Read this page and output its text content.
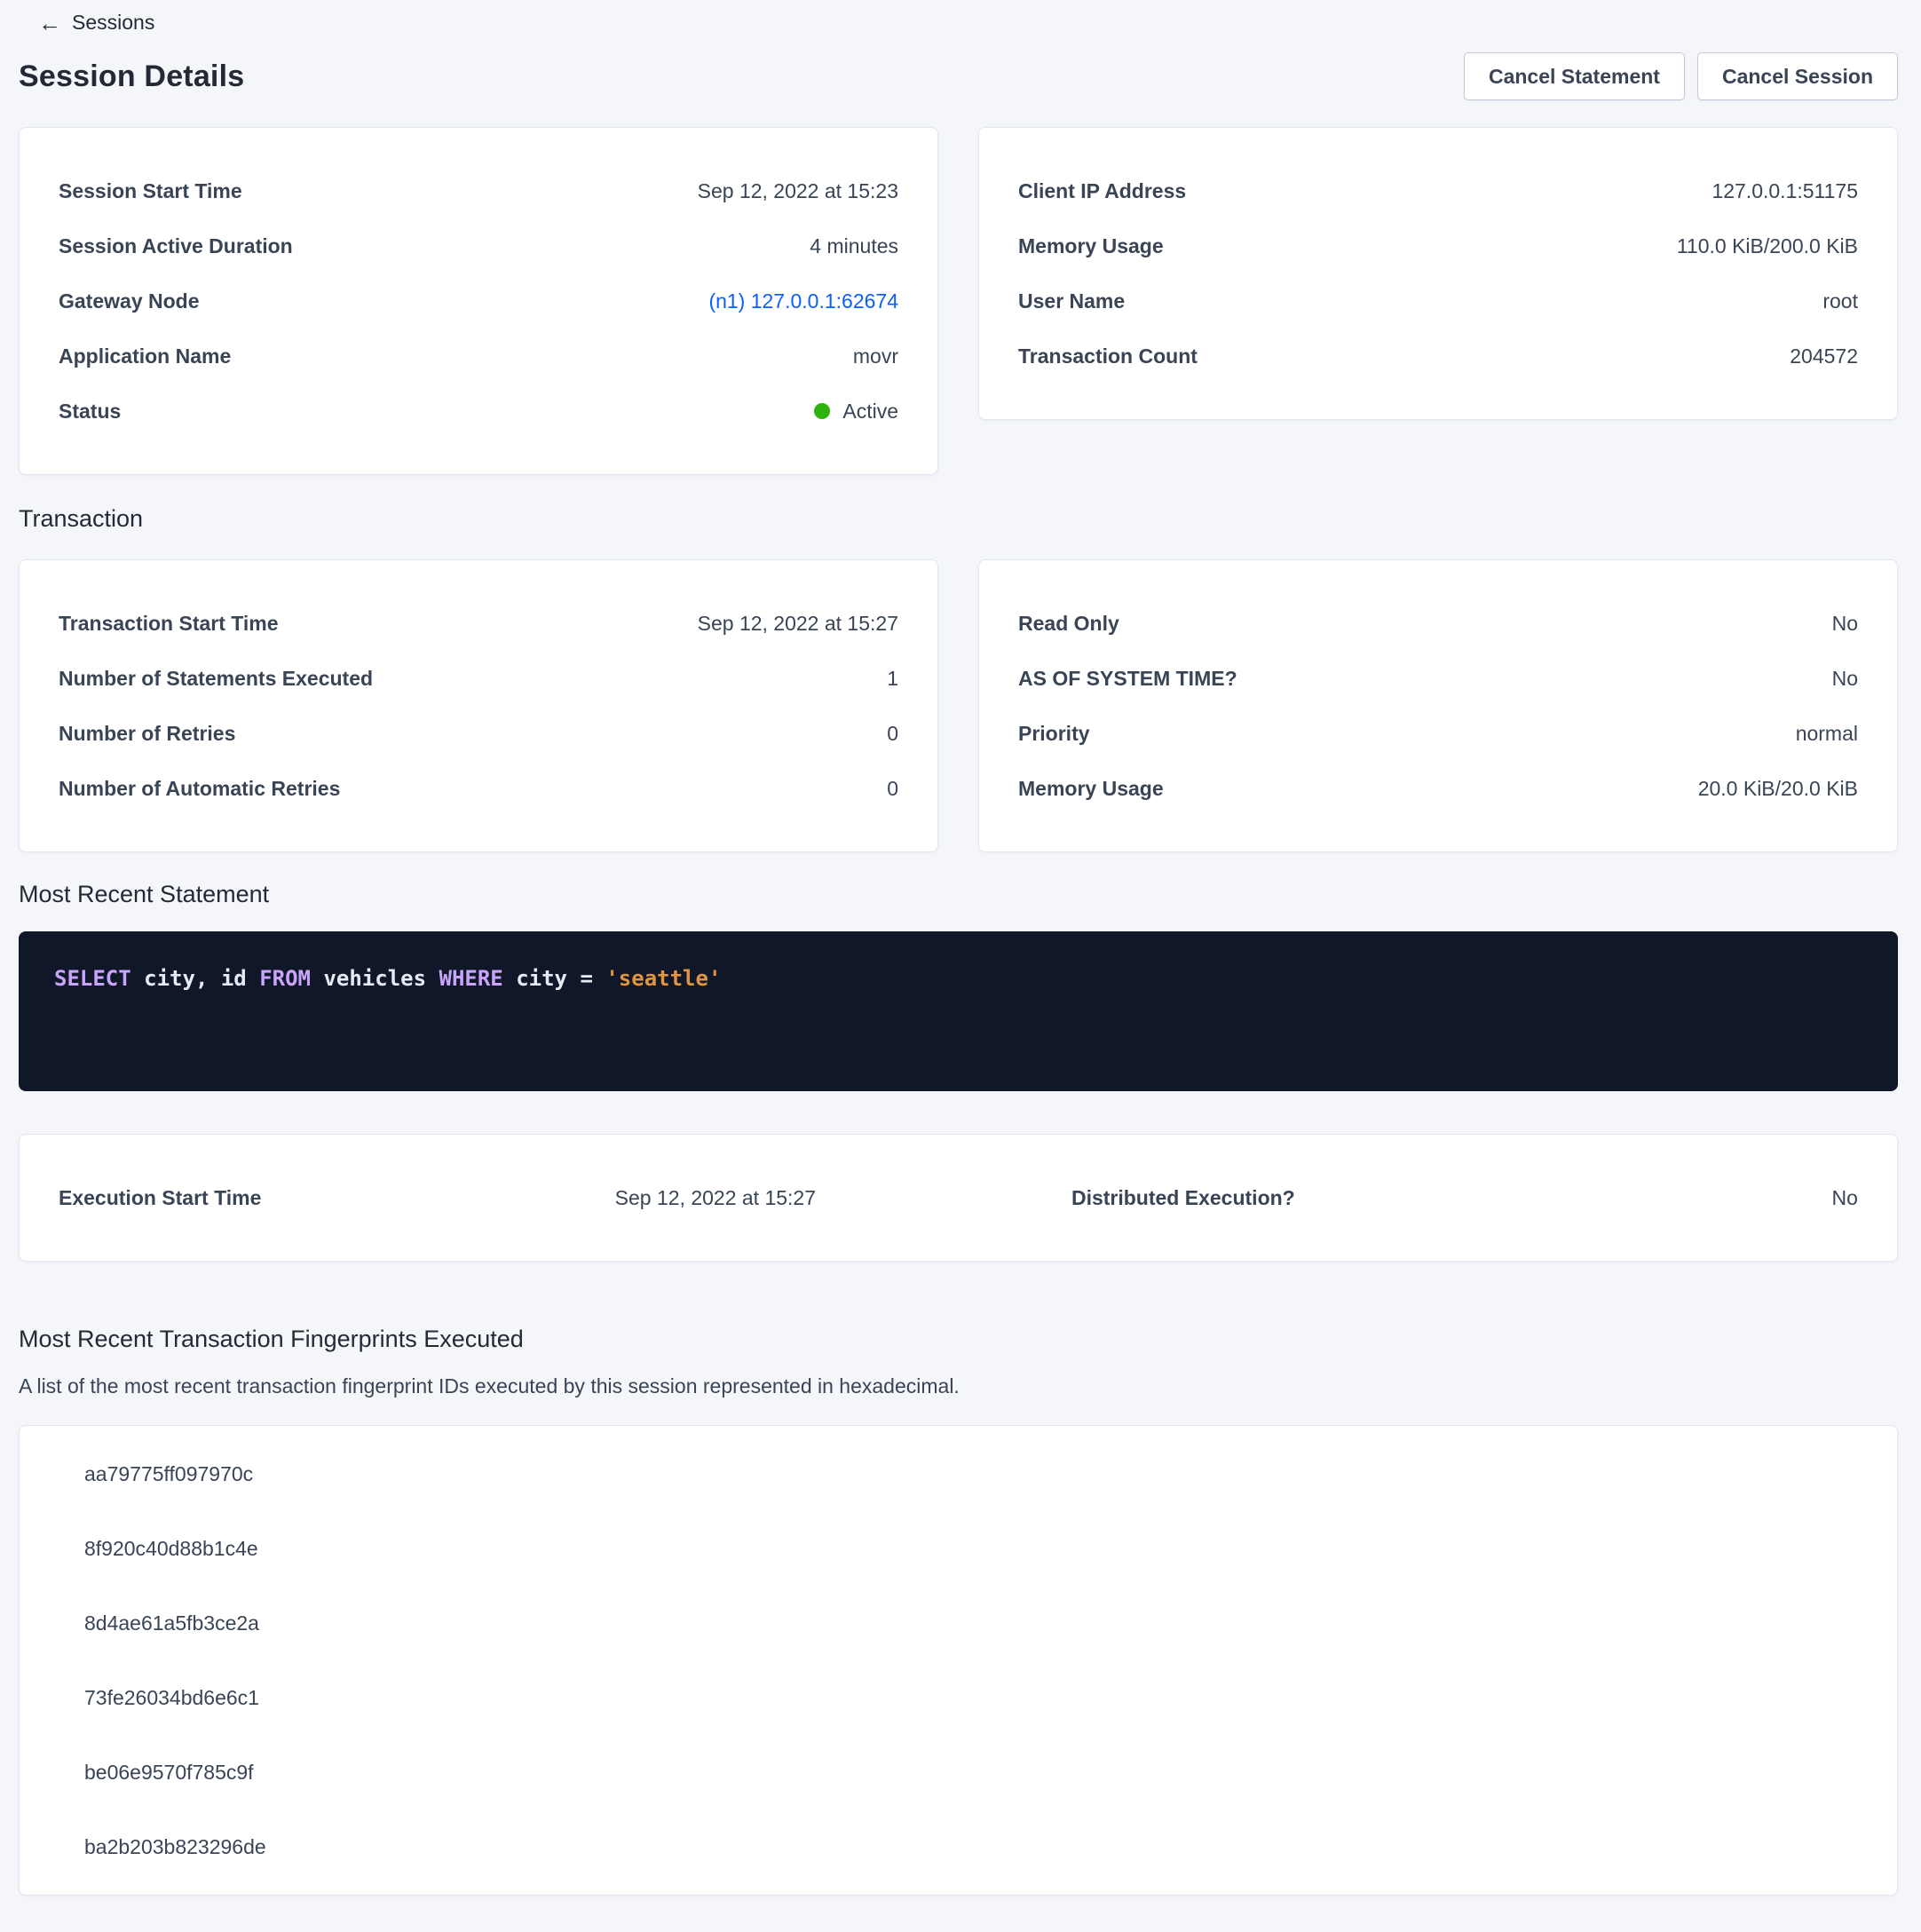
← Sessions
Session Details	Cancel Statement	Cancel Session
Session Start Time	Sep 12, 2022 at 15:23
Session Active Duration	4 minutes
Gateway Node	(n1) 127.0.0.1:62674
Application Name	movr
Status	Active
Client IP Address	127.0.0.1:51175
Memory Usage	110.0 KiB/200.0 KiB
User Name	root
Transaction Count	204572
Transaction
Transaction Start Time	Sep 12, 2022 at 15:27
Number of Statements Executed	1
Number of Retries	0
Number of Automatic Retries	0
Read Only	No
AS OF SYSTEM TIME?	No
Priority	normal
Memory Usage	20.0 KiB/20.0 KiB
Most Recent Statement
SELECT city, id FROM vehicles WHERE city = 'seattle'
Execution Start Time	Sep 12, 2022 at 15:27	Distributed Execution?	No
Most Recent Transaction Fingerprints Executed
A list of the most recent transaction fingerprint IDs executed by this session represented in hexadecimal.
aa79775ff097970c
8f920c40d88b1c4e
8d4ae61a5fb3ce2a
73fe26034bd6e6c1
be06e9570f785c9f
ba2b203b823296de
